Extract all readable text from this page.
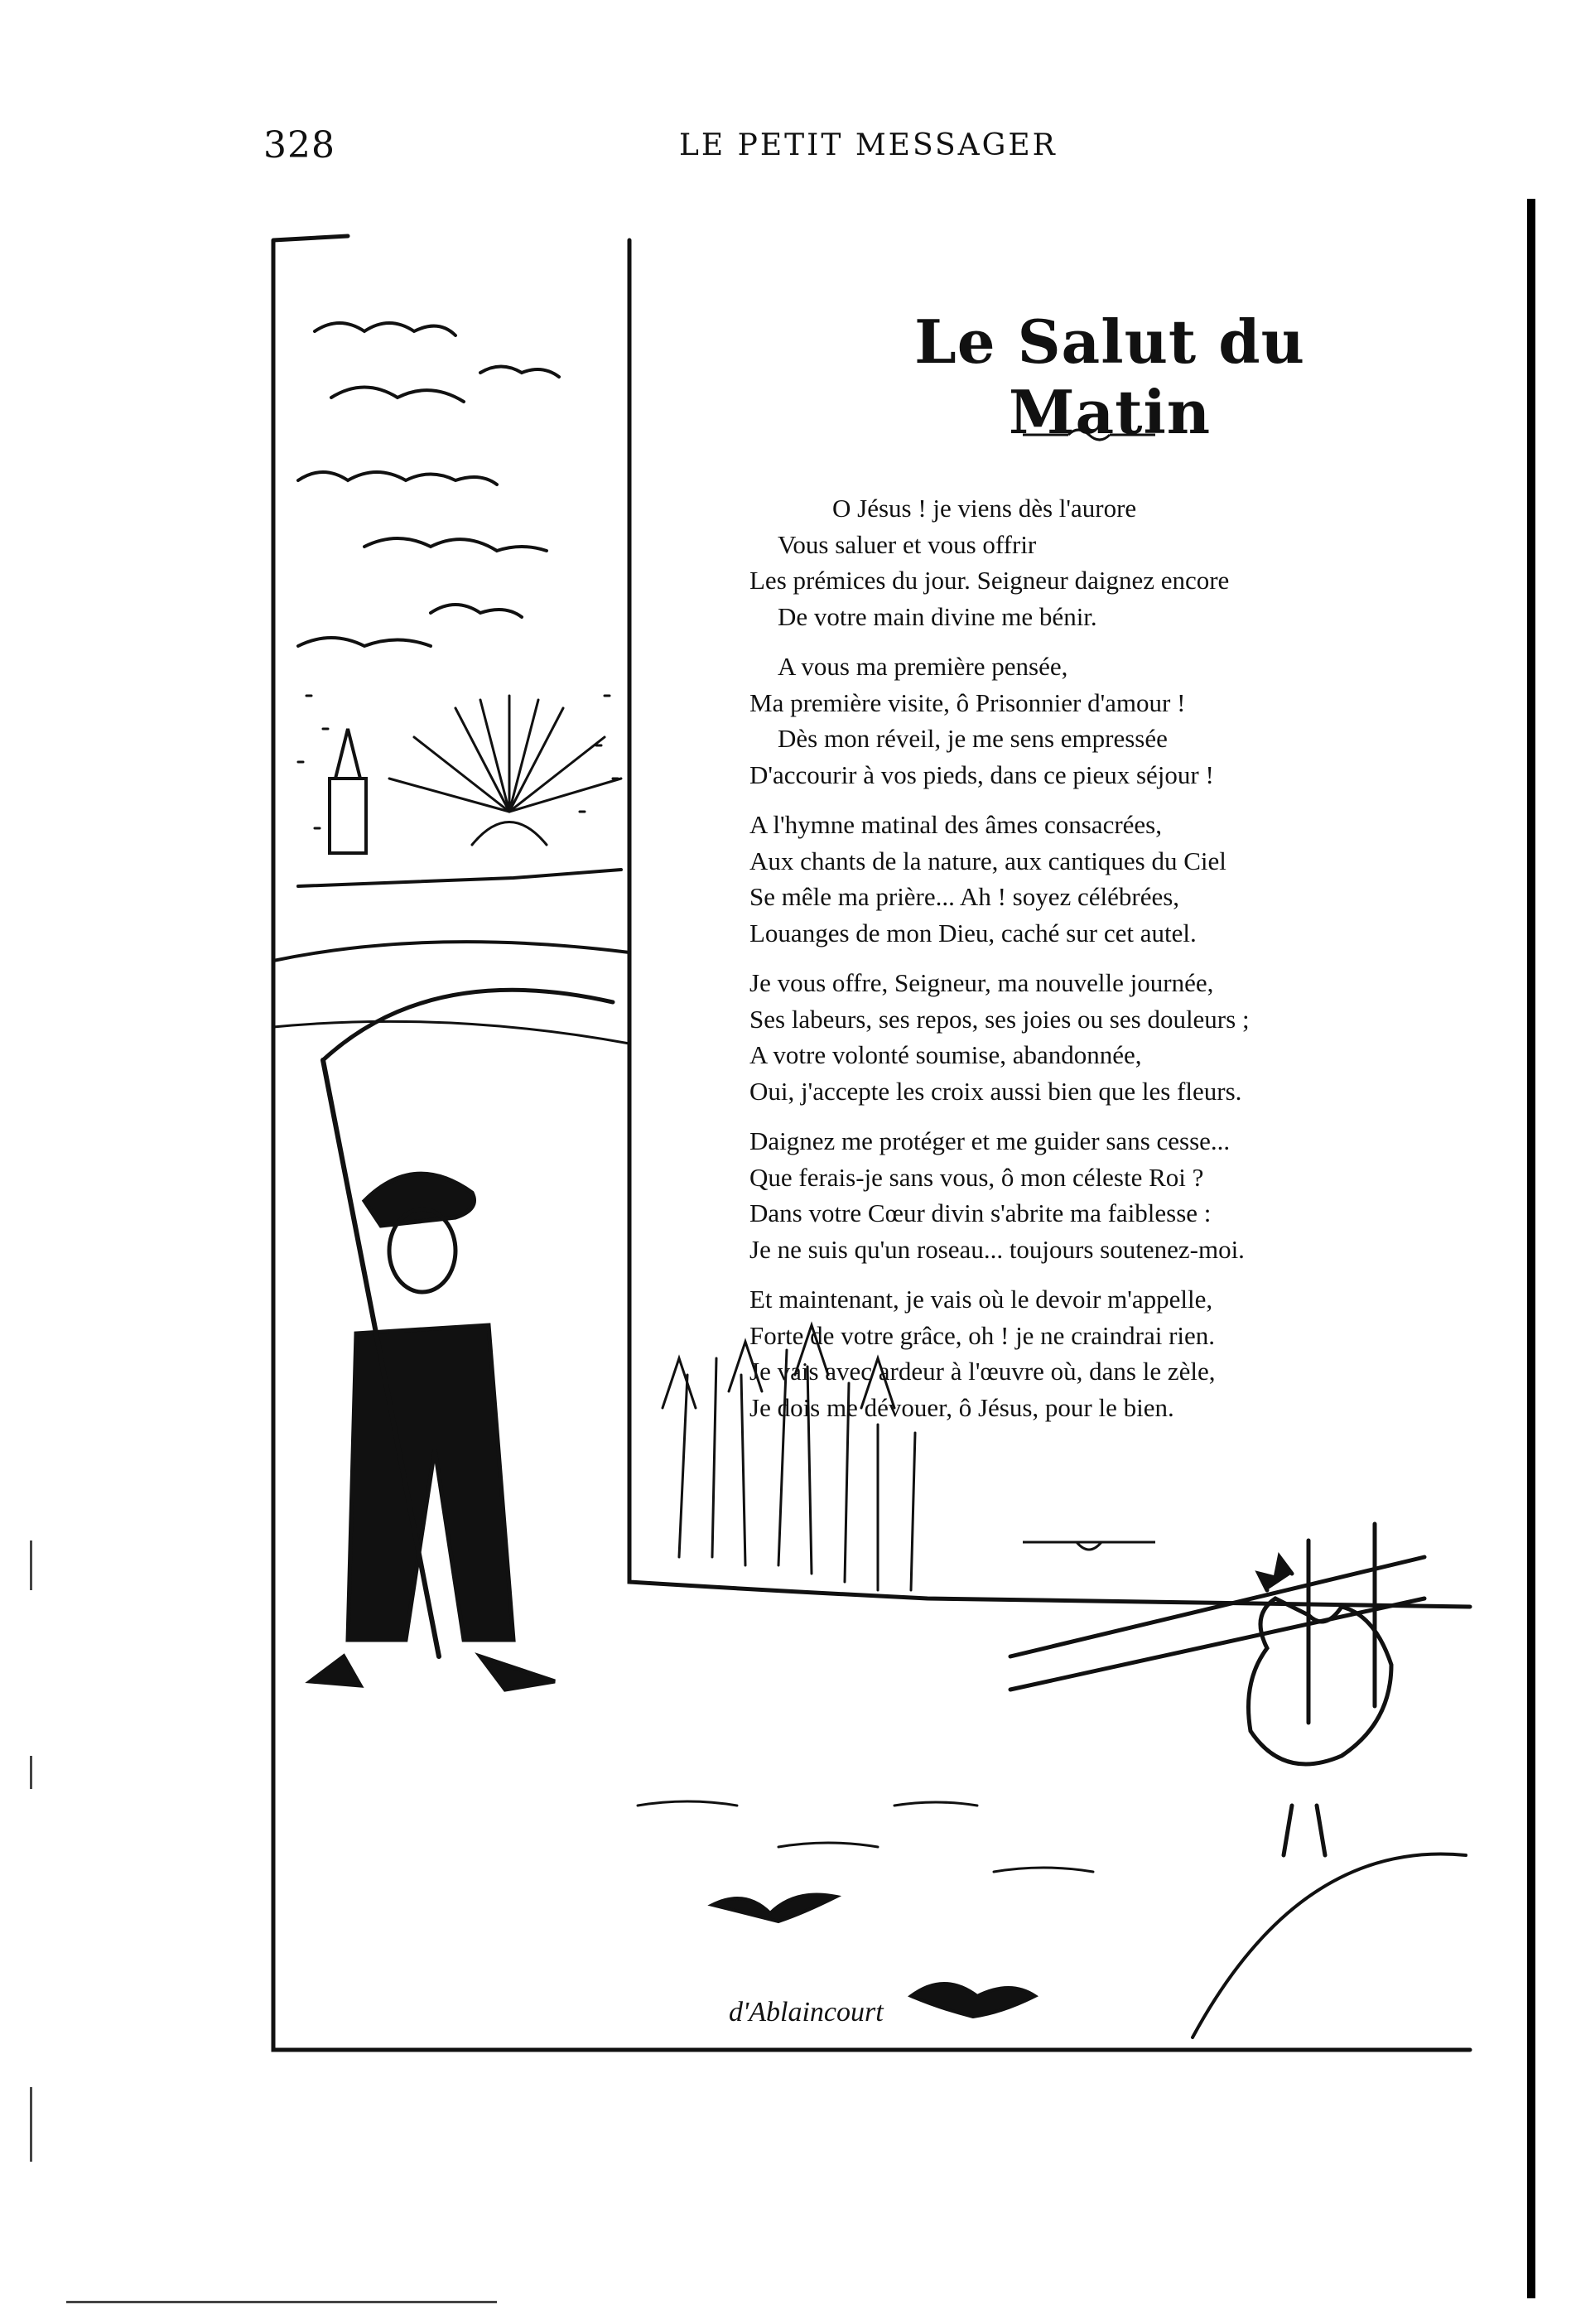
328	LE PETIT MESSAGER
d'Ablaincourt
Le Salut du Matin
O Jésus ! je viens dès l'aurore
Vous saluer et vous offrir
Les prémices du jour. Seigneur daignez encore
De votre main divine me bénir.
A vous ma première pensée,
Ma première visite, ô Prisonnier d'amour !
Dès mon réveil, je me sens empressée
D'accourir à vos pieds, dans ce pieux séjour !
A l'hymne matinal des âmes consacrées,
Aux chants de la nature, aux cantiques du Ciel
Se mêle ma prière... Ah ! soyez célébrées,
Louanges de mon Dieu, caché sur cet autel.
Je vous offre, Seigneur, ma nouvelle journée,
Ses labeurs, ses repos, ses joies ou ses douleurs ;
A votre volonté soumise, abandonnée,
Oui, j'accepte les croix aussi bien que les fleurs.
Daignez me protéger et me guider sans cesse...
Que ferais-je sans vous, ô mon céleste Roi ?
Dans votre Cœur divin s'abrite ma faiblesse :
Je ne suis qu'un roseau... toujours soutenez-moi.
Et maintenant, je vais où le devoir m'appelle,
Forte de votre grâce, oh ! je ne craindrai rien.
Je vais avec ardeur à l'œuvre où, dans le zèle,
Je dois me dévouer, ô Jésus, pour le bien.
